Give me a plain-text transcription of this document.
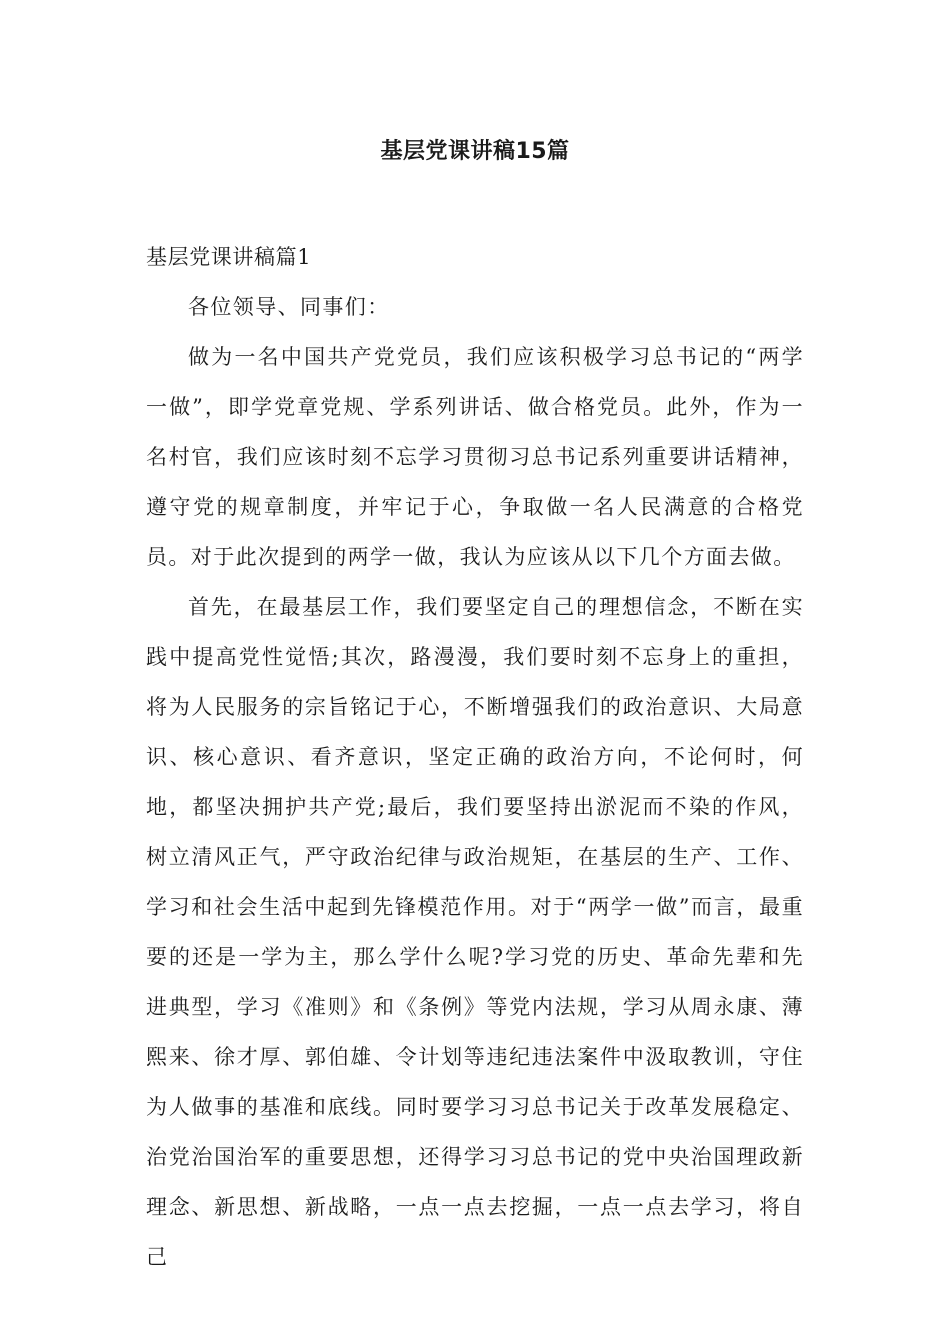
基层党课讲稿15篇

基层党课讲稿篇1

各位领导、同事们：

做为一名中国共产党党员，我们应该积极学习总书记的“两学一做”，即学党章党规、学系列讲话、做合格党员。此外，作为一名村官，我们应该时刻不忘学习贯彻习总书记系列重要讲话精神，遵守党的规章制度，并牢记于心，争取做一名人民满意的合格党员。对于此次提到的两学一做，我认为应该从以下几个方面去做。

首先，在最基层工作，我们要坚定自己的理想信念，不断在实践中提高党性觉悟;其次，路漫漫，我们要时刻不忘身上的重担，将为人民服务的宗旨铭记于心，不断增强我们的政治意识、大局意识、核心意识、看齐意识，坚定正确的政治方向，不论何时，何地，都坚决拥护共产党;最后，我们要坚持出淤泥而不染的作风，树立清风正气，严守政治纪律与政治规矩，在基层的生产、工作、学习和社会生活中起到先锋模范作用。对于“两学一做”而言，最重要的还是一学为主，那么学什么呢?学习党的历史、革命先辈和先进典型，学习《准则》和《条例》等党内法规，学习从周永康、薄熙来、徐才厚、郭伯雄、令计划等违纪违法案件中汲取教训，守住为人做事的基准和底线。同时要学习习总书记关于改革发展稳定、治党治国治军的重要思想，还得学习习总书记的党中央治国理政新理念、新思想、新战略，一点一点去挖掘，一点一点去学习，将自己
